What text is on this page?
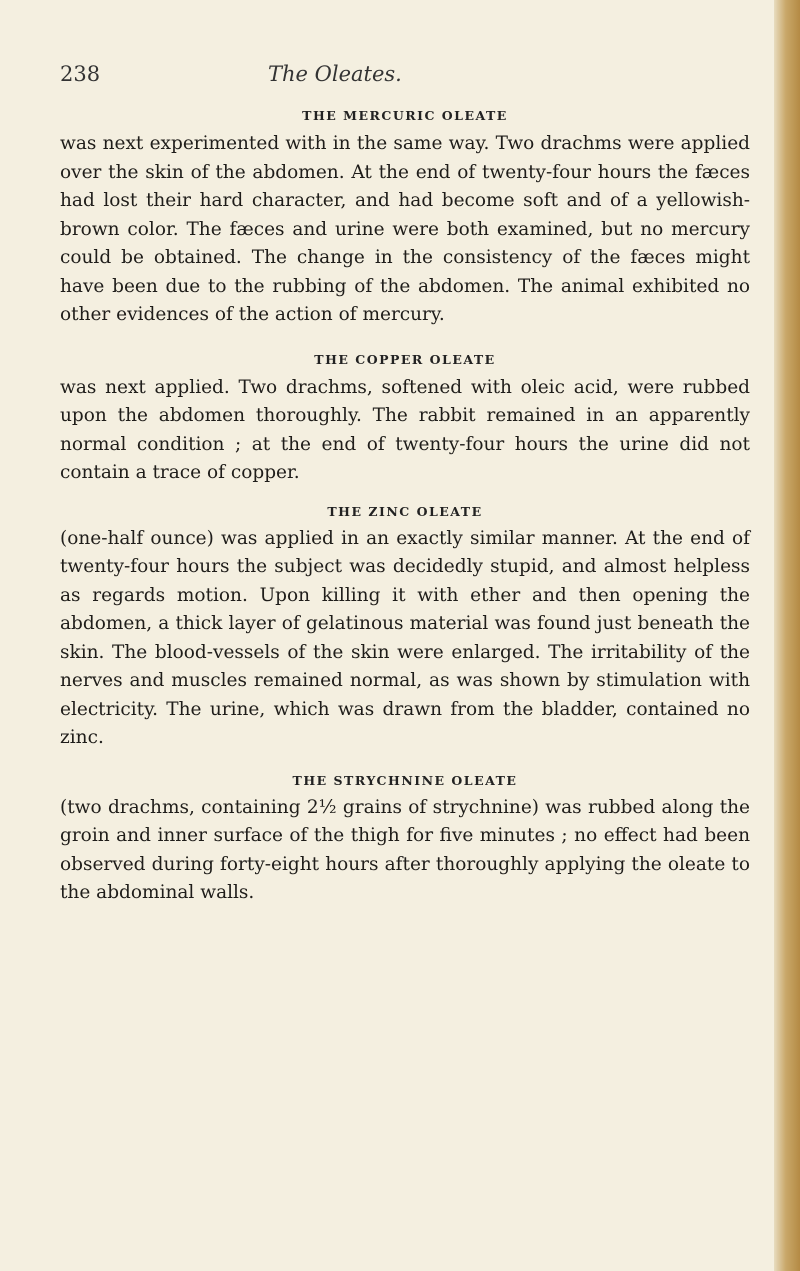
238	The Oleates.
THE MERCURIC OLEATE

was next experimented with in the same way. Two drachms were applied over the skin of the abdomen. At the end of twenty-four hours the fæces had lost their hard character, and had become soft and of a yellowish-brown color. The fæces and urine were both examined, but no mercury could be obtained. The change in the consistency of the fæces might have been due to the rubbing of the abdomen. The animal exhibited no other evidences of the action of mercury.

THE COPPER OLEATE

was next applied. Two drachms, softened with oleic acid, were rubbed upon the abdomen thoroughly. The rabbit remained in an apparently normal condition ; at the end of twenty-four hours the urine did not contain a trace of copper.

THE ZINC OLEATE

(one-half ounce) was applied in an exactly similar manner. At the end of twenty-four hours the subject was decidedly stupid, and almost helpless as regards motion. Upon killing it with ether and then opening the abdomen, a thick layer of gelatinous material was found just beneath the skin. The blood-vessels of the skin were enlarged. The irritability of the nerves and muscles remained normal, as was shown by stimulation with electricity. The urine, which was drawn from the bladder, contained no zinc.

THE STRYCHNINE OLEATE

(two drachms, containing 2½ grains of strychnine) was rubbed along the groin and inner surface of the thigh for five minutes ; no effect had been observed during forty-eight hours after thoroughly applying the oleate to the abdominal walls.
